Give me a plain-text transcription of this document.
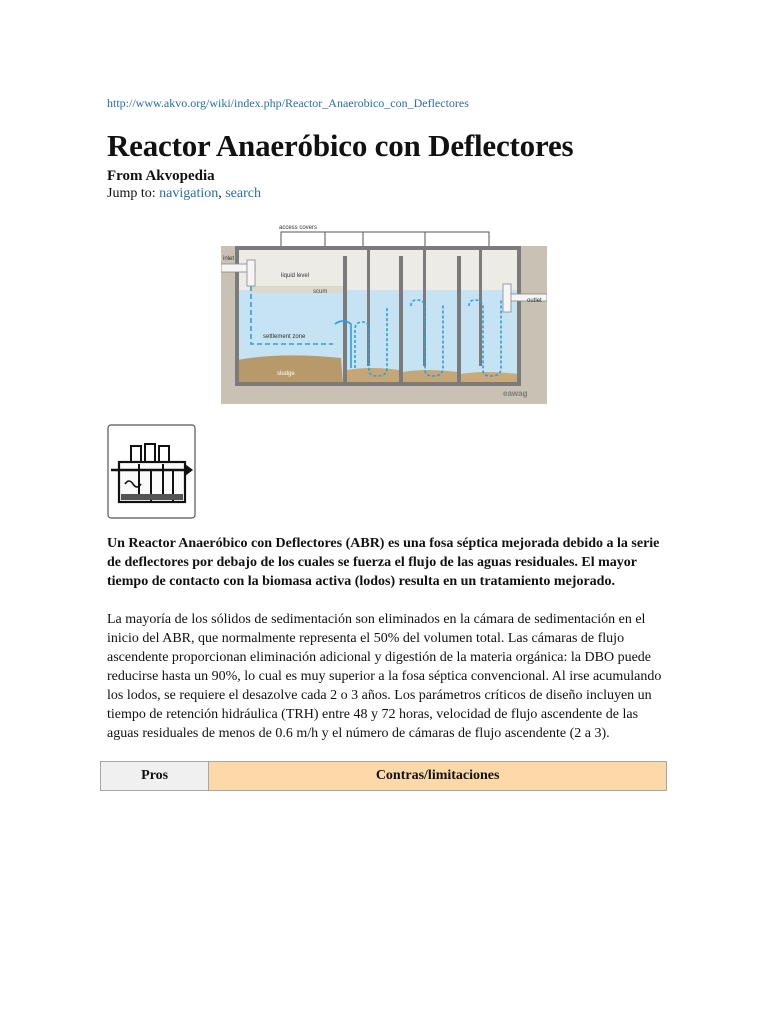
http://www.akvo.org/wiki/index.php/Reactor_Anaerobico_con_Deflectores
Reactor Anaeróbico con Deflectores
From Akvopedia
Jump to: navigation, search
access covers
inlet
outlet
liquid level
scum
settlement zone
sludge
eawag

Un Reactor Anaeróbico con Deflectores (ABR) es una fosa séptica mejorada debido a la serie de deflectores por debajo de los cuales se fuerza el flujo de las aguas residuales. El mayor tiempo de contacto con la biomasa activa (lodos) resulta en un tratamiento mejorado.

La mayoría de los sólidos de sedimentación son eliminados en la cámara de sedimentación en el inicio del ABR, que normalmente representa el 50% del volumen total. Las cámaras de flujo ascendente proporcionan eliminación adicional y digestión de la materia orgánica: la DBO puede reducirse hasta un 90%, lo cual es muy superior a la fosa séptica convencional. Al irse acumulando los lodos, se requiere el desazolve cada 2 o 3 años. Los parámetros críticos de diseño incluyen un tiempo de retención hidráulica (TRH) entre 48 y 72 horas, velocidad de flujo ascendente de las aguas residuales de menos de 0.6 m/h y el número de cámaras de flujo ascendente (2 a 3).

Pros	Contras/limitaciones
